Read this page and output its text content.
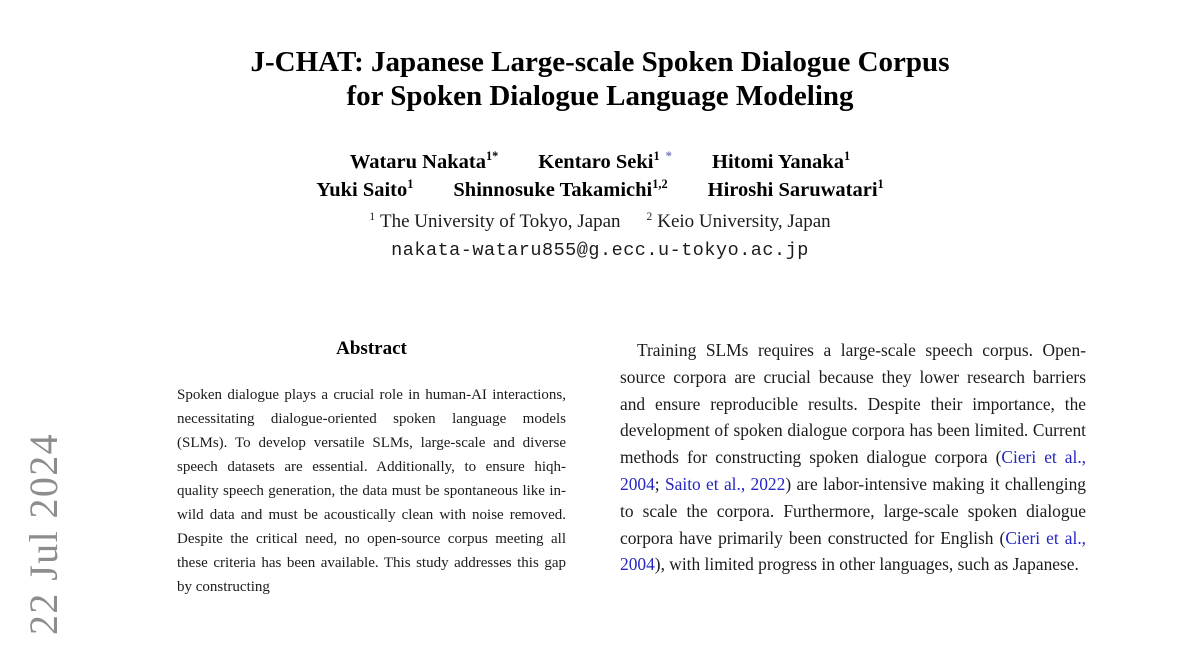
22 Jul 2024
J-CHAT: Japanese Large-scale Spoken Dialogue Corpus
for Spoken Dialogue Language Modeling
Wataru Nakata$^{1*}$ Kentaro Seki$^1$ * Hitomi Yanaka$^1$
Yuki Saito$^1$ Shinnosuke Takamichi$^{1,2}$ Hiroshi Saruwatari$^1$
$^1$ The University of Tokyo, Japan $^2$ Keio University, Japan
nakata-wataru855@g.ecc.u-tokyo.ac.jp
Abstract

Spoken dialogue plays a crucial role in human-AI interactions, necessitating dialogue-oriented spoken language models (SLMs). To develop versatile SLMs, large-scale and diverse speech datasets are essential. Additionally, to ensure hiqh-quality speech generation, the data must be spontaneous like in-wild data and must be acoustically clean with noise removed. Despite the critical need, no open-source corpus meeting all these criteria has been available. This study addresses this gap by constructing

Training SLMs requires a large-scale speech corpus. Open-source corpora are crucial because they lower research barriers and ensure reproducible results. Despite their importance, the development of spoken dialogue corpora has been limited. Current methods for constructing spoken dialogue corpora (Cieri et al., 2004; Saito et al., 2022) are labor-intensive making it challenging to scale the corpora. Furthermore, large-scale spoken dialogue corpora have primarily been constructed for English (Cieri et al., 2004), with limited progress in other languages, such as Japanese.
